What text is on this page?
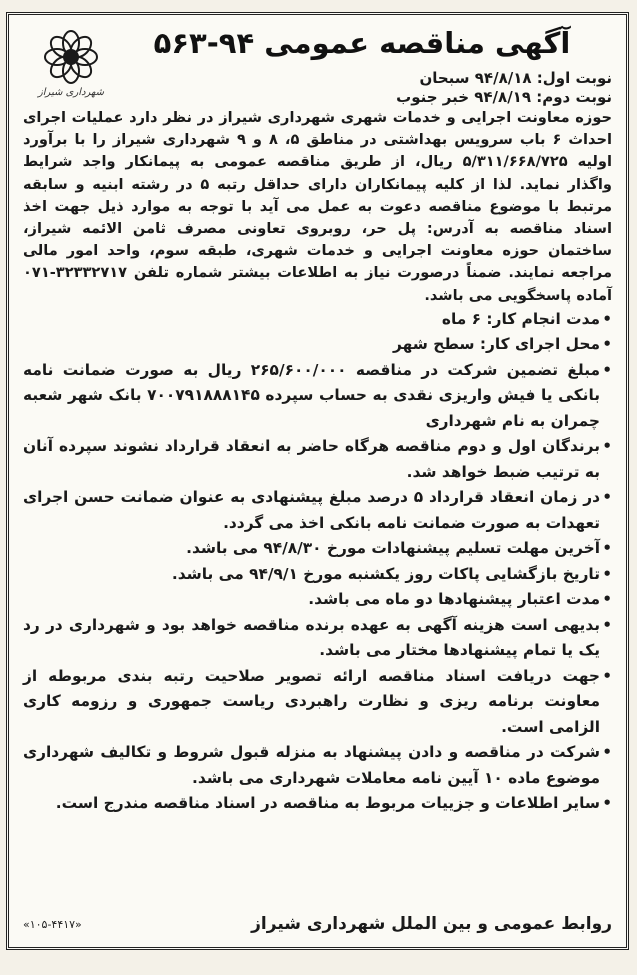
آگهی مناقصه عمومی ۹۴-۵۶۳
شهرداری شیراز
نوبت اول: ۹۴/۸/۱۸ سبحان
نوبت دوم: ۹۴/۸/۱۹ خبر جنوب
حوزه معاونت اجرایی و خدمات شهری شهرداری شیراز در نظر دارد عملیات اجرای احداث ۶ باب سرویس بهداشتی در مناطق ۵، ۸ و ۹ شهرداری شیراز را با برآورد اولیه ۵/۳۱۱/۶۶۸/۷۲۵ ریال، از طریق مناقصه عمومی به پیمانکار واجد شرایط واگذار نماید. لذا از کلیه پیمانکاران دارای حداقل رتبه ۵ در رشته ابنیه و سابقه مرتبط با موضوع مناقصه دعوت به عمل می آید با توجه به موارد ذیل جهت اخذ اسناد مناقصه به آدرس: پل حر، روبروی تعاونی مصرف ثامن الائمه شیراز، ساختمان حوزه معاونت اجرایی و خدمات شهری، طبقه سوم، واحد امور مالی مراجعه نمایند. ضمناً درصورت نیاز به اطلاعات بیشتر شماره تلفن ۳۲۳۳۲۷۱۷-۰۷۱ آماده پاسخگویی می باشد.
•
مدت انجام کار: ۶ ماه
•
محل اجرای کار: سطح شهر
•
مبلغ تضمین شرکت در مناقصه ۲۶۵/۶۰۰/۰۰۰ ریال به صورت ضمانت نامه بانکی یا فیش واریزی نقدی به حساب سپرده ۷۰۰۷۹۱۸۸۸۱۴۵ بانک شهر شعبه چمران به نام شهرداری
•
برندگان اول و دوم مناقصه هرگاه حاضر به انعقاد قرارداد نشوند سپرده آنان به ترتیب ضبط خواهد شد.
•
در زمان انعقاد قرارداد ۵ درصد مبلغ پیشنهادی به عنوان ضمانت حسن اجرای تعهدات به صورت ضمانت نامه بانکی اخذ می گردد.
•
آخرین مهلت تسلیم پیشنهادات مورخ ۹۴/۸/۳۰ می باشد.
•
تاریخ بازگشایی پاکات روز یکشنبه مورخ ۹۴/۹/۱ می باشد.
•
مدت اعتبار پیشنهادها دو ماه می باشد.
•
بدیهی است هزینه آگهی به عهده برنده مناقصه خواهد بود و شهرداری در رد یک یا تمام پیشنهادها مختار می باشد.
•
جهت دریافت اسناد مناقصه ارائه تصویر صلاحیت رتبه بندی مربوطه از معاونت برنامه ریزی و نظارت راهبردی ریاست جمهوری و رزومه کاری الزامی است.
•
شرکت در مناقصه و دادن پیشنهاد به منزله قبول شروط و تکالیف شهرداری موضوع ماده ۱۰ آیین نامه معاملات شهرداری می باشد.
•
سایر اطلاعات و جزییات مربوط به مناقصه در اسناد مناقصه مندرج است.
روابط عمومی و بین الملل شهرداری شیراز
«۱۰۵-۴۴۱۷»
